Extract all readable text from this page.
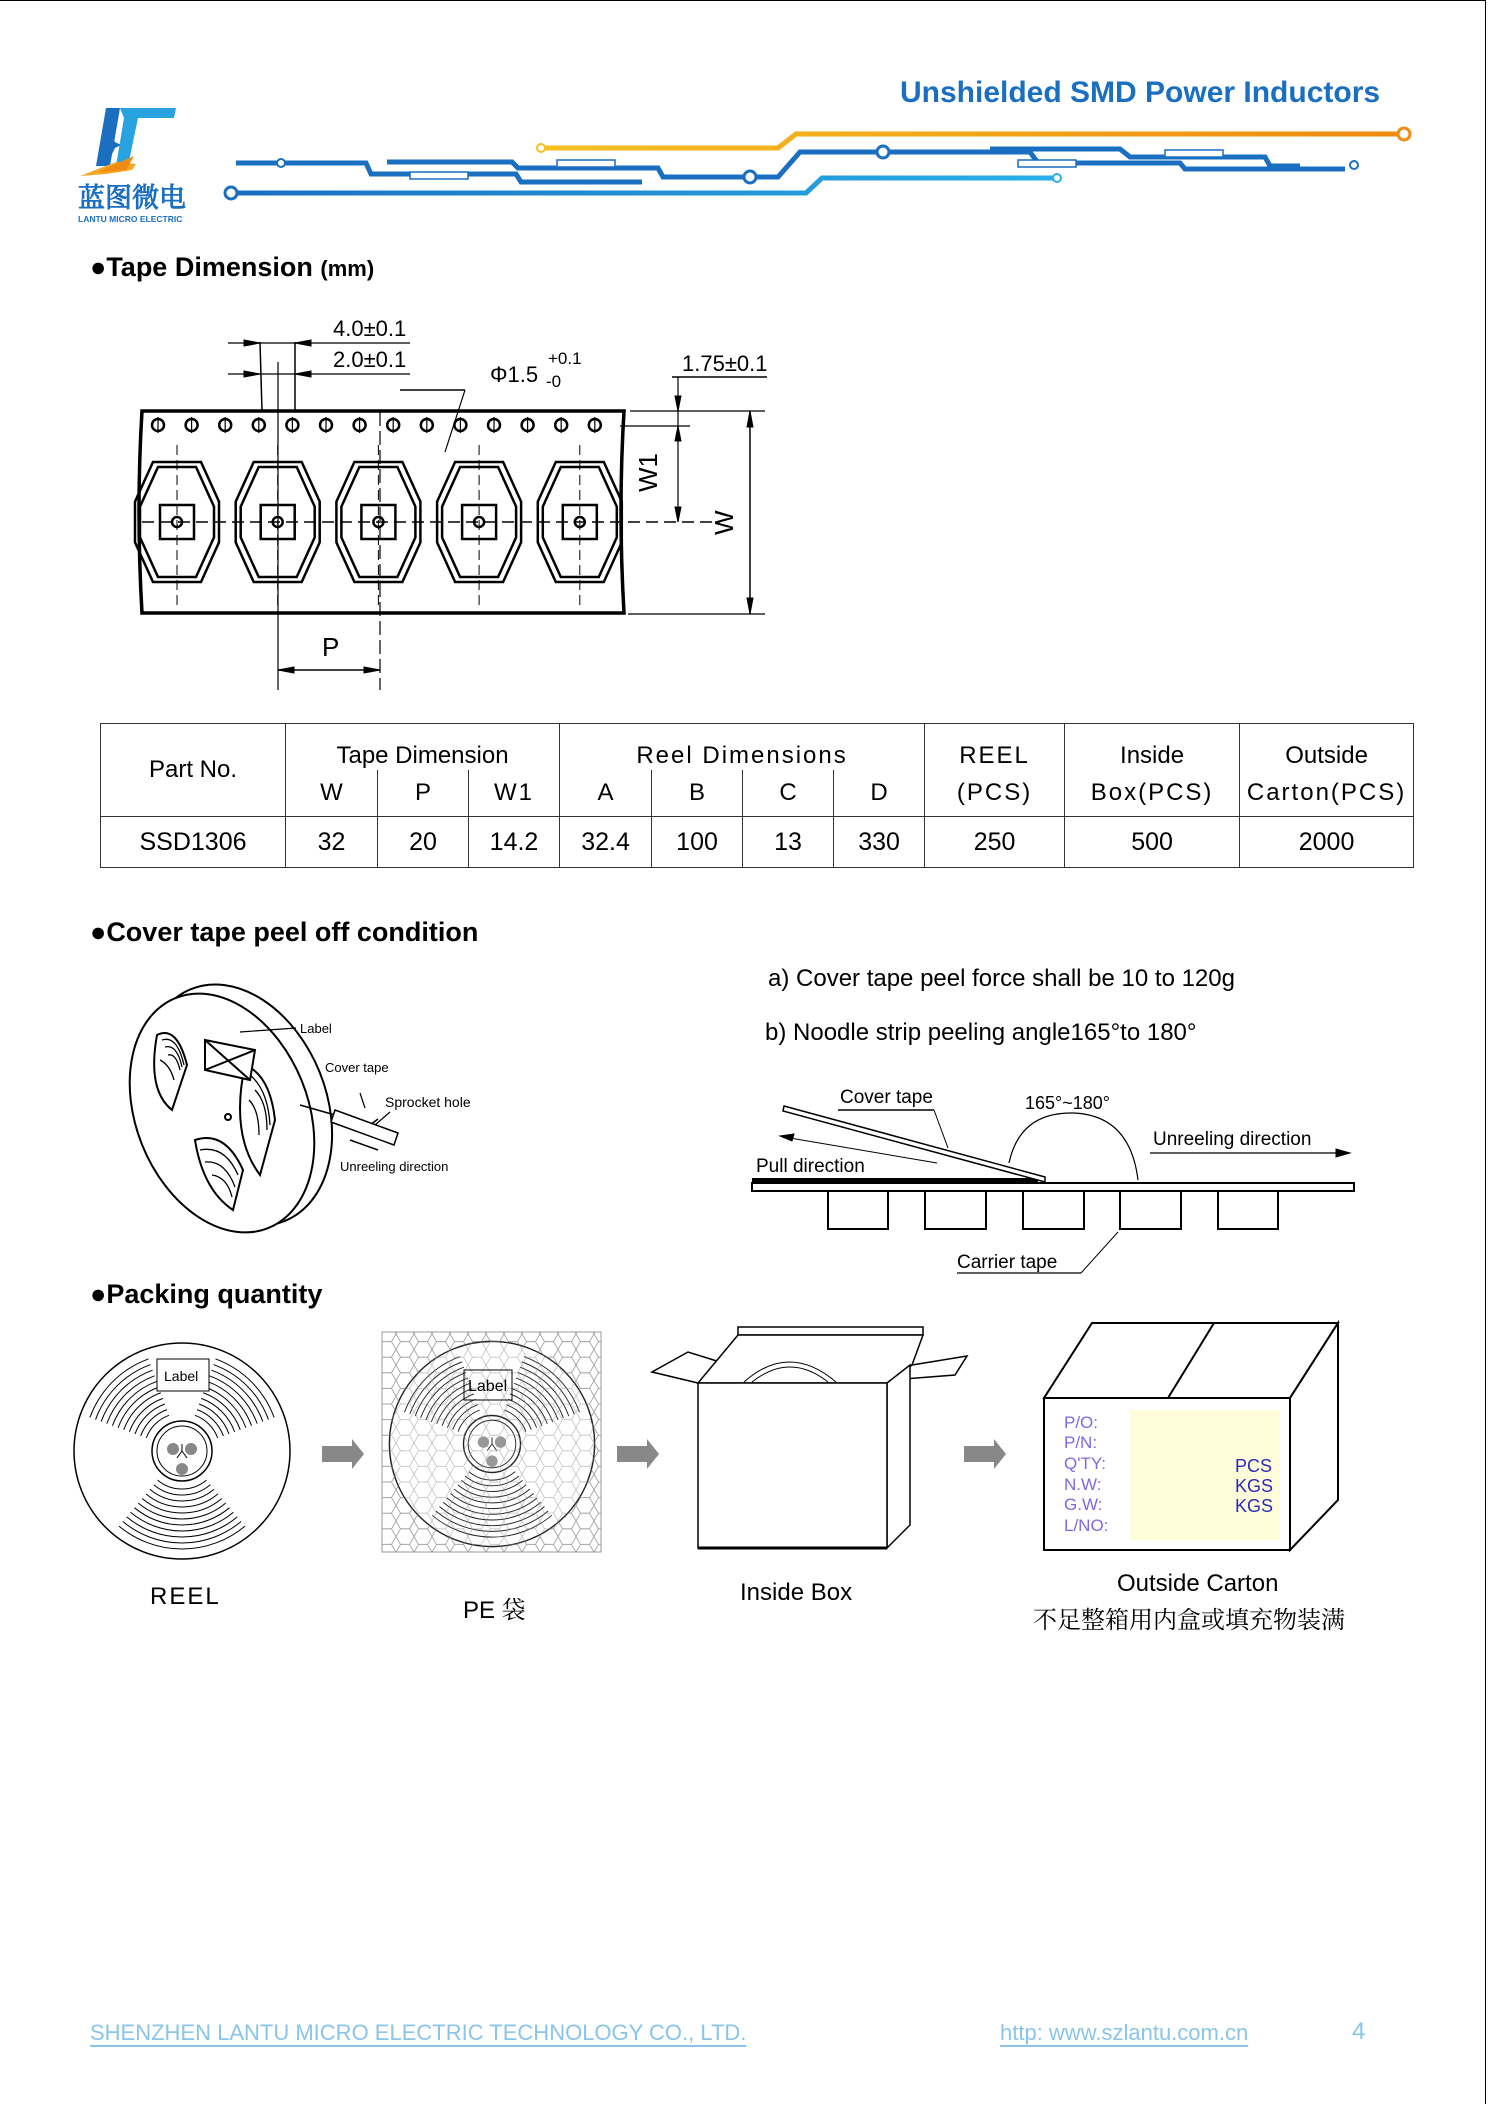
蓝图微电
LANTU MICRO ELECTRIC
Unshielded SMD Power Inductors
●Tape Dimension (mm)
4.0±0.1
2.0±0.1
Φ1.5
+0.1
-0
1.75±0.1
W1
W
P
Part No.	Tape Dimension			Reel Dimensions				REEL	Inside	Outside
	W	P	W1	A	B	C	D	(PCS)	Box(PCS)	Carton(PCS)
SSD1306	32	20	14.2	32.4	100	13	330	250	500	2000
●Cover tape peel off condition
Label
Cover tape
Sprocket hole
Unreeling direction
a) Cover tape peel force shall be 10 to 120g
b) Noodle strip peeling angle165°to 180°
Cover tape	165°~180°
Unreeling direction
Pull direction
Carrier tape
●Packing quantity
Label
Label
P/O:
P/N:
Q'TY:
N.W:
G.W:
L/NO:
PCS
KGS
KGS
REEL
PE 袋
Inside Box	Outside Carton
不足整箱用内盒或填充物装满
SHENZHEN LANTU MICRO ELECTRIC TECHNOLOGY CO., LTD.	http: www.szlantu.com.cn	4
